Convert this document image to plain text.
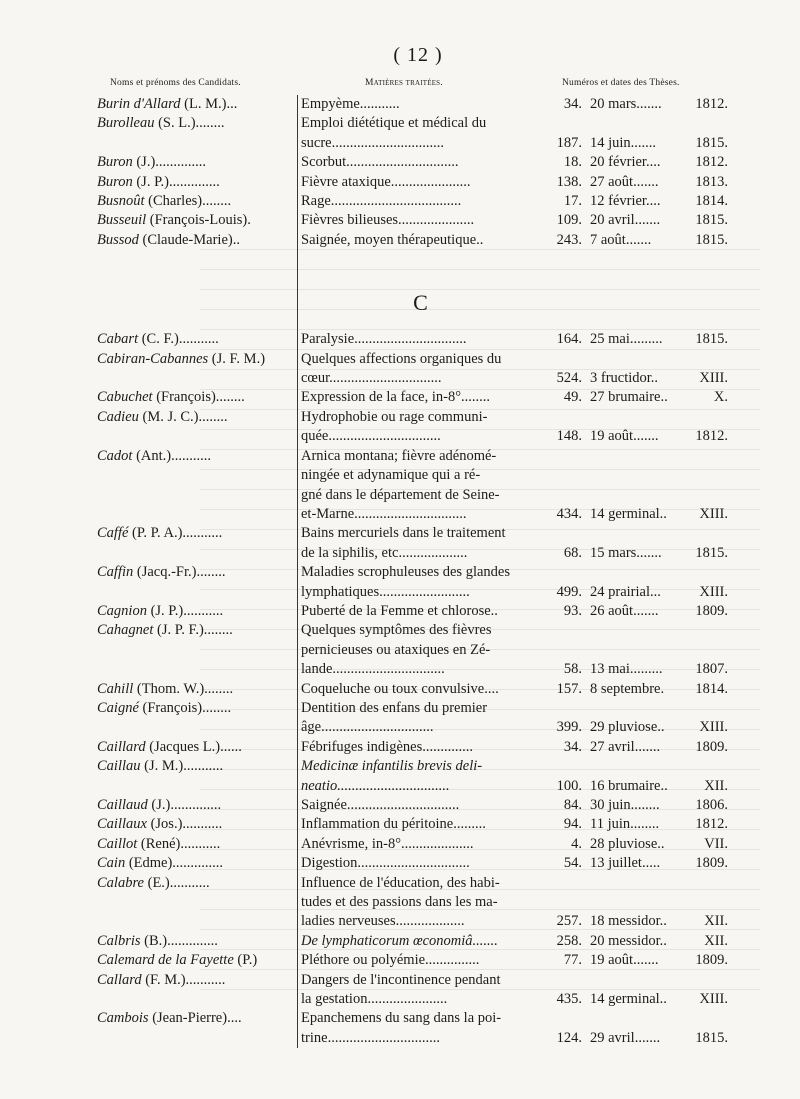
( 12 )
Noms et prénoms des Candidats.	Matières traitées.	Numéros et dates des Thèses.
Burin d'Allard (L. M.)...	Empyème...........	34. 20 mars....... 1812.
Burolleau (S. L.)........	Emploi diététique et médical du
sucre...............................	187. 14 juin.......	1815.
Buron (J.)..............	Scorbut...............................	18. 20 février.... 1812.
Buron (J. P.)..............	Fièvre ataxique......................	138. 27 août.......	1813.
Busnoût (Charles)........	Rage....................................	17. 12 février.... 1814.
Busseuil (François-Louis).	Fièvres bilieuses.....................	109. 20 avril....... 1815.
Bussod (Claude-Marie)..	Saignée, moyen thérapeutique..	243. 7 août.......	1815.
C
Cabart (C. F.)...........	Paralysie...............................	164. 25 mai......... 1815.
Cabiran-Cabannes (J. F. M.)	Quelques affections organiques du
cœur...............................	524. 3 fructidor..	XIII.
Cabuchet (François)........	Expression de la face, in-8°........	49. 27 brumaire..	X.
Cadieu (M. J. C.)........	Hydrophobie ou rage communi-
quée...............................	148. 19 août.......	1812.
Cadot (Ant.)...........	Arnica montana; fièvre adénomé-
ningée et adynamique qui a ré-
gné dans le département de Seine-
et-Marne...............................	434. 14 germinal.. XIII.
Caffé (P. P. A.)...........	Bains mercuriels dans le traitement
de la siphilis, etc...................	68. 15 mars....... 1815.
Caffin (Jacq.-Fr.)........	Maladies scrophuleuses des glandes
lymphatiques.........................	499. 24 prairial...	XIII.
Cagnion (J. P.)...........	Puberté de la Femme et chlorose..	93. 26 août.......	1809.
Cahagnet (J. P. F.)........	Quelques symptômes des fièvres
pernicieuses ou ataxiques en Zé-
lande...............................	58. 13 mai......... 1807.
Cahill (Thom. W.)........	Coqueluche ou toux convulsive....	157. 8 septembre. 1814.
Caigné (François)........	Dentition des enfans du premier
âge...............................	399. 29 pluviose.. XIII.
Caillard (Jacques L.)......	Fébrifuges indigènes..............	34. 27 avril....... 1809.
Caillau (J. M.)...........	Medicinæ infantilis brevis deli-
neatio...............................	100. 16 brumaire..	XII.
Caillaud (J.)..............	Saignée...............................	84. 30 juin........ 1806.
Caillaux (Jos.)...........	Inflammation du péritoine.........	94. 11 juin........ 1812.
Caillot (René)...........	Anévrisme, in-8°....................	4. 28 pluviose..	VII.
Cain (Edme)..............	Digestion...............................	54. 13 juillet..... 1809.
Calabre (E.)...........	Influence de l'éducation, des habi-
tudes et des passions dans les ma-
ladies nerveuses...................	257. 18 messidor..	XII.
Calbris (B.)..............	De lymphaticorum œconomiâ.......	258. 20 messidor..	XII.
Calemard de la Fayette (P.)	Pléthore ou polyémie...............	77. 19 août.......	1809.
Callard (F. M.)...........	Dangers de l'incontinence pendant
la gestation......................	435. 14 germinal.. XIII.
Cambois (Jean-Pierre)....	Epanchemens du sang dans la poi-
trine...............................	124. 29 avril....... 1815.
